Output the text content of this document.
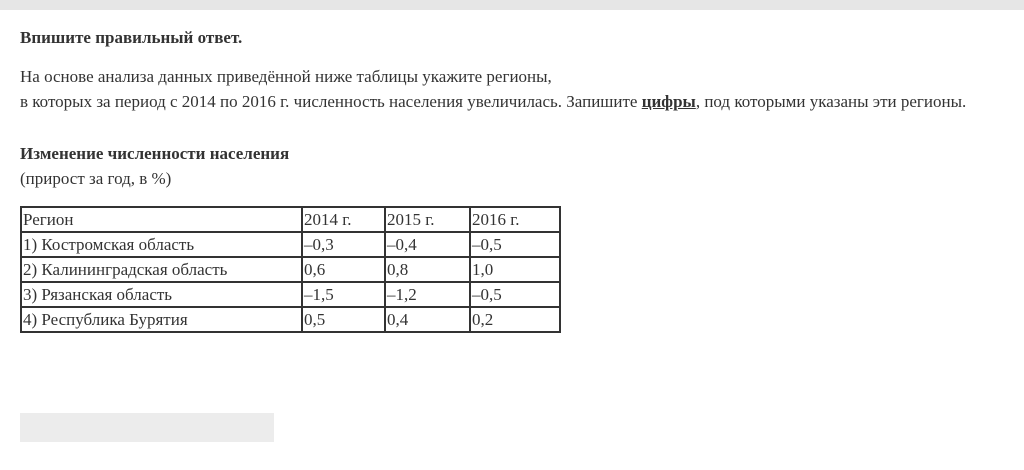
Впишите правильный ответ.

На основе анализа данных приведённой ниже таблицы укажите регионы,
в которых за период с 2014 по 2016 г. численность населения увеличилась. Запишите цифры, под которыми указаны эти регионы.

Изменение численности населения
(прирост за год, в %)
Регион	2014 г.	2015 г.	2016 г.
1) Костромская область	–0,3	–0,4	–0,5
2) Калининградская область	0,6	0,8	1,0
3) Рязанская область	–1,5	–1,2	–0,5
4) Республика Бурятия	0,5	0,4	0,2
